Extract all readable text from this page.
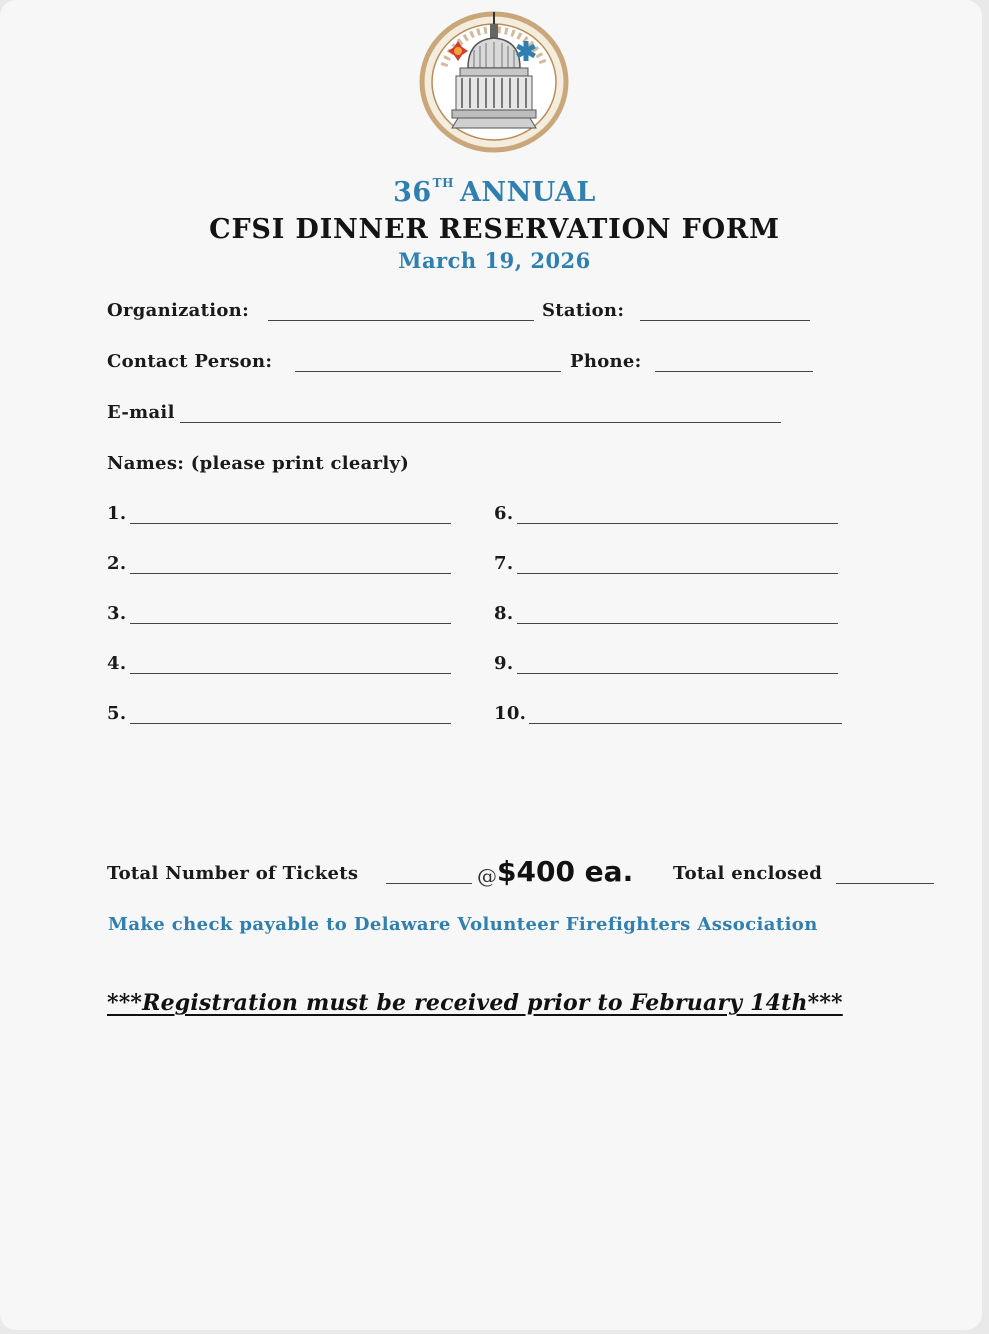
36TH ANNUAL
CFSI DINNER RESERVATION FORM
March 19, 2026
Organization:	Station:
Contact Person:	Phone:
E-mail
Names: (please print clearly)
1.
2.
3.
4.
5.
6.
7.
8.
9.
10.
Total Number of Tickets	@ $400 ea. Total enclosed
Make check payable to Delaware Volunteer Firefighters Association
***Registration must be received prior to February 14th***
